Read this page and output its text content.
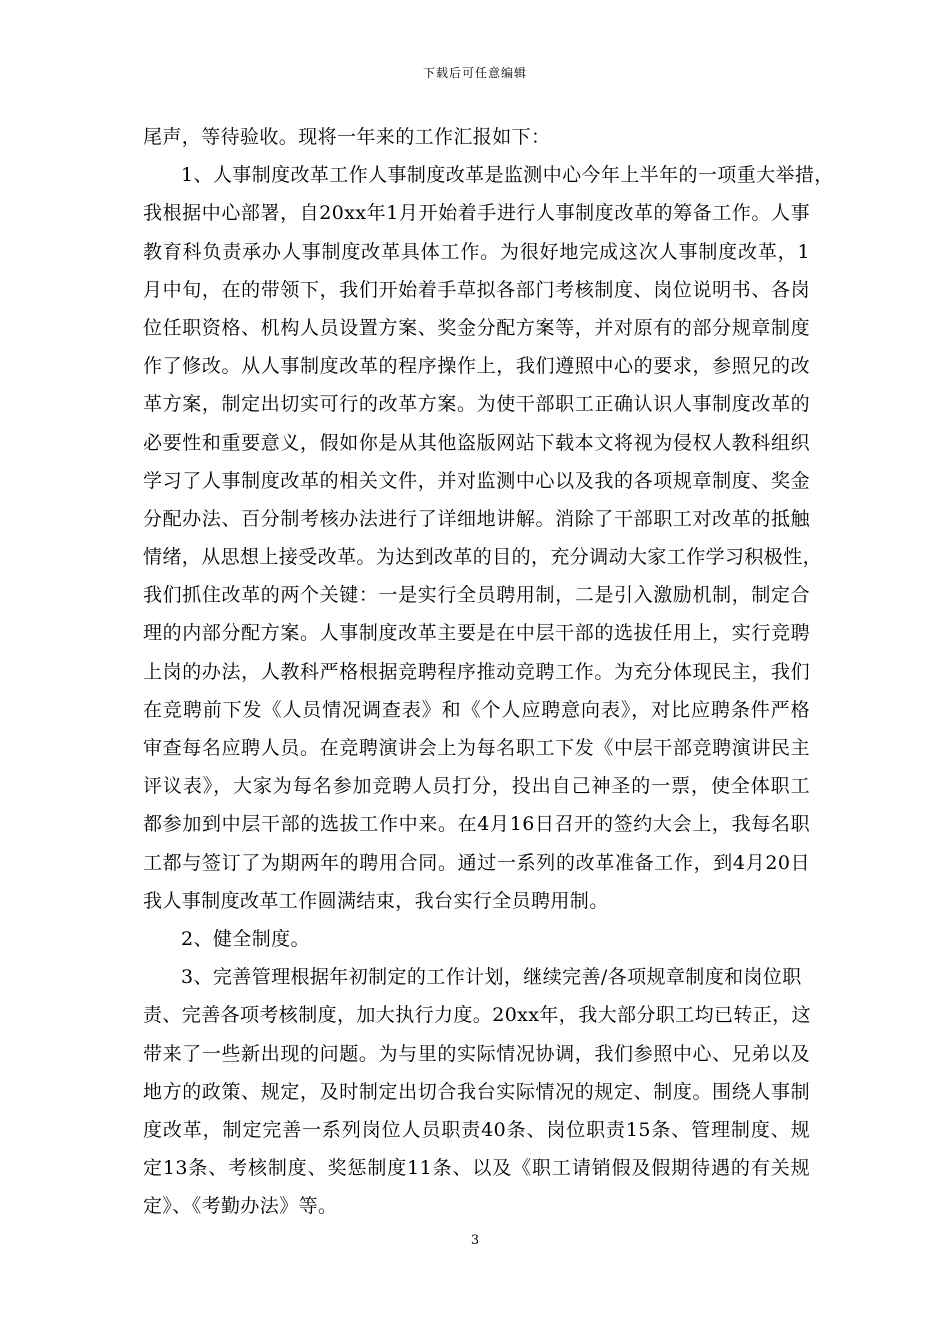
下载后可任意编辑
尾声，等待验收。现将一年来的工作汇报如下：
1、人事制度改革工作人事制度改革是监测中心今年上半年的一项重大举措，
我根据中心部署，自20xx年1月开始着手进行人事制度改革的筹备工作。人事
教育科负责承办人事制度改革具体工作。为很好地完成这次人事制度改革，1
月中旬，在的带领下，我们开始着手草拟各部门考核制度、岗位说明书、各岗
位任职资格、机构人员设置方案、奖金分配方案等，并对原有的部分规章制度
作了修改。从人事制度改革的程序操作上，我们遵照中心的要求，参照兄的改
革方案，制定出切实可行的改革方案。为使干部职工正确认识人事制度改革的
必要性和重要意义，假如你是从其他盗版网站下载本文将视为侵权人教科组织
学习了人事制度改革的相关文件，并对监测中心以及我的各项规章制度、奖金
分配办法、百分制考核办法进行了详细地讲解。消除了干部职工对改革的抵触
情绪，从思想上接受改革。为达到改革的目的，充分调动大家工作学习积极性，
我们抓住改革的两个关键：一是实行全员聘用制，二是引入激励机制，制定合
理的内部分配方案。人事制度改革主要是在中层干部的选拔任用上，实行竞聘
上岗的办法，人教科严格根据竞聘程序推动竞聘工作。为充分体现民主，我们
在竞聘前下发《人员情况调查表》和《个人应聘意向表》，对比应聘条件严格
审查每名应聘人员。在竞聘演讲会上为每名职工下发《中层干部竞聘演讲民主
评议表》，大家为每名参加竞聘人员打分，投出自己神圣的一票，使全体职工
都参加到中层干部的选拔工作中来。在4月16日召开的签约大会上，我每名职
工都与签订了为期两年的聘用合同。通过一系列的改革准备工作，到4月20日
我人事制度改革工作圆满结束，我台实行全员聘用制。
2、健全制度。
3、完善管理根据年初制定的工作计划，继续完善/各项规章制度和岗位职
责、完善各项考核制度，加大执行力度。20xx年，我大部分职工均已转正，这
带来了一些新出现的问题。为与里的实际情况协调，我们参照中心、兄弟以及
地方的政策、规定，及时制定出切合我台实际情况的规定、制度。围绕人事制
度改革，制定完善一系列岗位人员职责40条、岗位职责15条、管理制度、规
定13条、考核制度、奖惩制度11条、以及《职工请销假及假期待遇的有关规
定》、《考勤办法》等。
3
